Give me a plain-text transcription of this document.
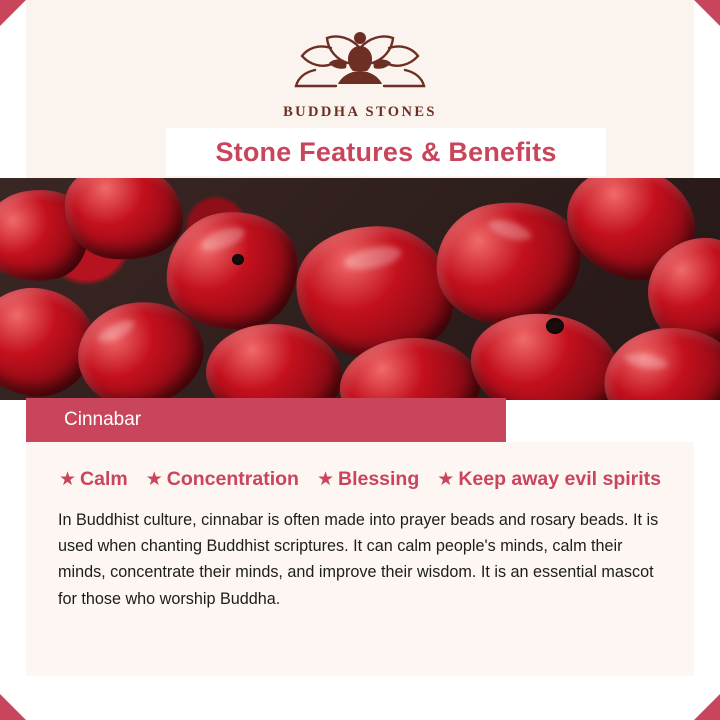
BUDDHA STONES
Stone Features & Benefits
Cinnabar
★ Calm ★ Concentration ★ Blessing ★ Keep away evil spirits

In Buddhist culture, cinnabar is often made into prayer beads and rosary beads. It is used when chanting Buddhist scriptures. It can calm people's minds, calm their minds, concentrate their minds, and improve their wisdom. It is an essential mascot for those who worship Buddha.
